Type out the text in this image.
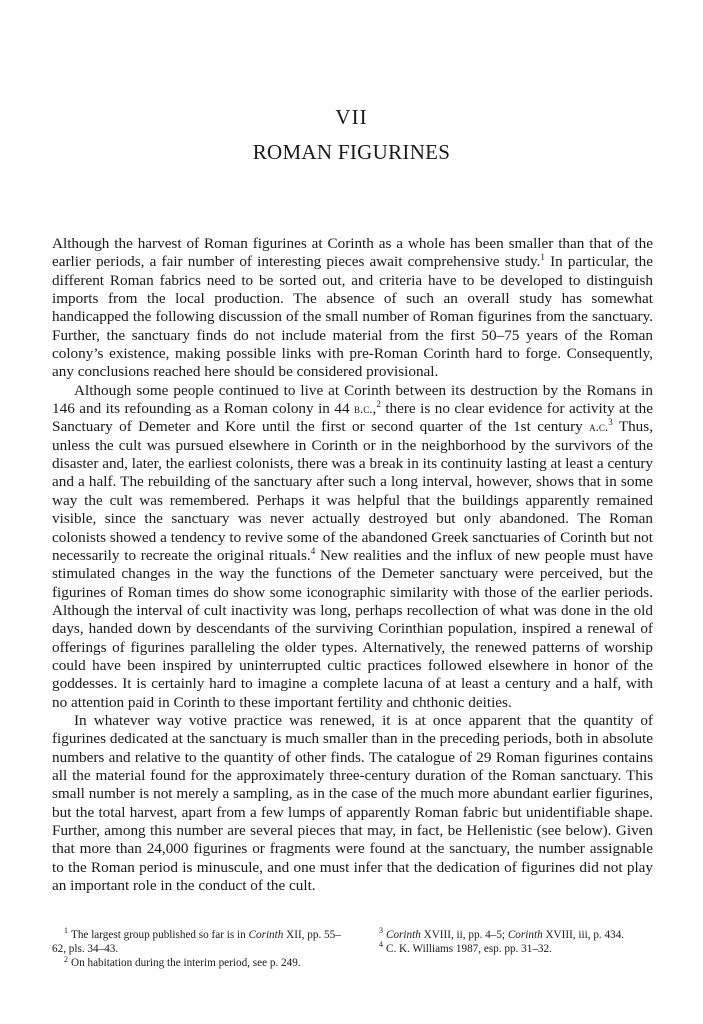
VII
ROMAN FIGURINES

Although the harvest of Roman figurines at Corinth as a whole has been smaller than that of the earlier periods, a fair number of interesting pieces await comprehensive study.$^1$ In particular, the different Roman fabrics need to be sorted out, and criteria have to be developed to distinguish imports from the local production. The absence of such an overall study has somewhat handicapped the following discussion of the small number of Roman figurines from the sanctuary. Further, the sanctuary finds do not include material from the first 50–75 years of the Roman colony’s existence, making possible links with pre-Roman Corinth hard to forge. Consequently, any conclusions reached here should be considered provisional.

Although some people continued to live at Corinth between its destruction by the Romans in 146 and its refounding as a Roman colony in 44 b.c.,$^2$ there is no clear evidence for activity at the Sanctuary of Demeter and Kore until the first or second quarter of the 1st century a.c.$^3$ Thus, unless the cult was pursued elsewhere in Corinth or in the neighborhood by the survivors of the disaster and, later, the earliest colonists, there was a break in its continuity lasting at least a century and a half. The rebuilding of the sanctuary after such a long interval, however, shows that in some way the cult was remembered. Perhaps it was helpful that the buildings apparently remained visible, since the sanctuary was never actually destroyed but only abandoned. The Roman colonists showed a tendency to revive some of the abandoned Greek sanctuaries of Corinth but not necessarily to recreate the original rituals.$^4$ New realities and the influx of new people must have stimulated changes in the way the functions of the Demeter sanctuary were perceived, but the figurines of Roman times do show some iconographic similarity with those of the earlier periods. Although the interval of cult inactivity was long, perhaps recollection of what was done in the old days, handed down by descendants of the surviving Corinthian population, inspired a renewal of offerings of figurines paralleling the older types. Alternatively, the renewed patterns of worship could have been inspired by uninterrupted cultic practices followed elsewhere in honor of the goddesses. It is certainly hard to imagine a complete lacuna of at least a century and a half, with no attention paid in Corinth to these important fertility and chthonic deities.

In whatever way votive practice was renewed, it is at once apparent that the quantity of figurines dedicated at the sanctuary is much smaller than in the preceding periods, both in absolute numbers and relative to the quantity of other finds. The catalogue of 29 Roman figurines contains all the material found for the approximately three-century duration of the Roman sanctuary. This small number is not merely a sampling, as in the case of the much more abundant earlier figurines, but the total harvest, apart from a few lumps of apparently Roman fabric but unidentifiable shape. Further, among this number are several pieces that may, in fact, be Hellenistic (see below). Given that more than 24,000 figurines or fragments were found at the sanctuary, the number assignable to the Roman period is minuscule, and one must infer that the dedication of figurines did not play an important role in the conduct of the cult.

$^1$ The largest group published so far is in Corinth XII, pp. 55–62, pls. 34–43.

$^2$ On habitation during the interim period, see p. 249.

$^3$ Corinth XVIII, ii, pp. 4–5; Corinth XVIII, iii, p. 434.

$^4$ C. K. Williams 1987, esp. pp. 31–32.
